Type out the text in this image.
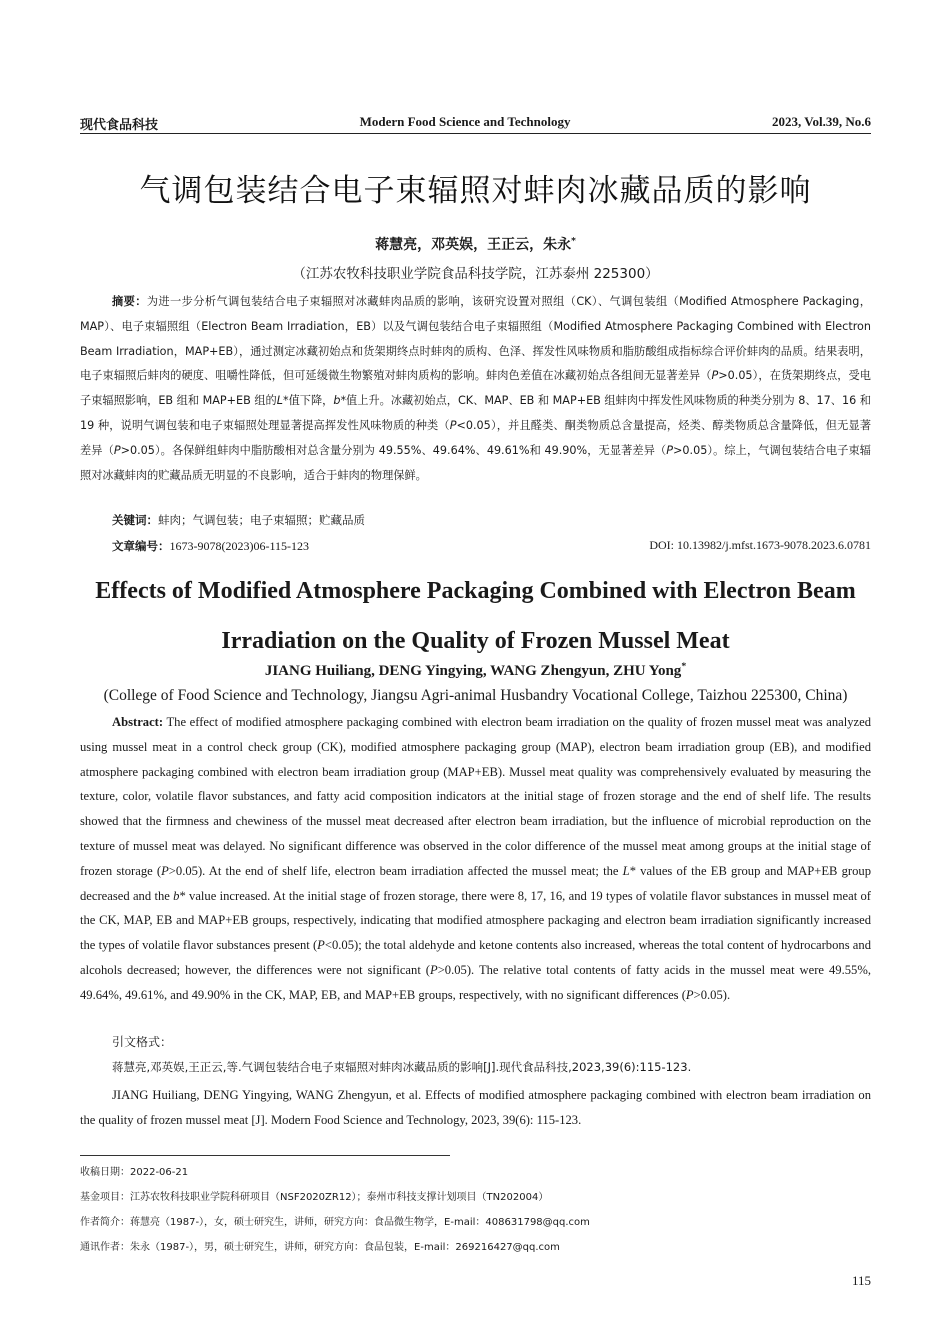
现代食品科技	Modern Food Science and Technology	2023, Vol.39, No.6
气调包装结合电子束辐照对蚌肉冰藏品质的影响
蒋慧亮，邓英娱，王正云，朱永*
（江苏农牧科技职业学院食品科技学院，江苏泰州 225300）
摘要：为进一步分析气调包装结合电子束辐照对冰藏蚌肉品质的影响，该研究设置对照组（CK）、气调包装组（Modified Atmosphere Packaging，MAP）、电子束辐照组（Electron Beam Irradiation，EB）以及气调包装结合电子束辐照组（Modified Atmosphere Packaging Combined with Electron Beam Irradiation，MAP+EB），通过测定冰藏初始点和货架期终点时蚌肉的质构、色泽、挥发性风味物质和脂肪酸组成指标综合评价蚌肉的品质。结果表明，电子束辐照后蚌肉的硬度、咀嚼性降低，但可延缓微生物繁殖对蚌肉质构的影响。蚌肉色差值在冰藏初始点各组间无显著差异（P>0.05），在货架期终点，受电子束辐照影响，EB 组和 MAP+EB 组的L*值下降，b*值上升。冰藏初始点，CK、MAP、EB 和 MAP+EB 组蚌肉中挥发性风味物质的种类分别为 8、17、16 和 19 种，说明气调包装和电子束辐照处理显著提高挥发性风味物质的种类（P<0.05），并且醛类、酮类物质总含量提高，烃类、醇类物质总含量降低，但无显著差异（P>0.05）。各保鲜组蚌肉中脂肪酸相对总含量分别为 49.55%、49.64%、49.61%和 49.90%，无显著差异（P>0.05）。综上，气调包装结合电子束辐照对冰藏蚌肉的贮藏品质无明显的不良影响，适合于蚌肉的物理保鲜。
关键词：蚌肉；气调包装；电子束辐照；贮藏品质
文章编号：1673-9078(2023)06-115-123	DOI: 10.13982/j.mfst.1673-9078.2023.6.0781
Effects of Modified Atmosphere Packaging Combined with Electron Beam Irradiation on the Quality of Frozen Mussel Meat
JIANG Huiliang, DENG Yingying, WANG Zhengyun, ZHU Yong*
(College of Food Science and Technology, Jiangsu Agri-animal Husbandry Vocational College, Taizhou 225300, China)
Abstract: The effect of modified atmosphere packaging combined with electron beam irradiation on the quality of frozen mussel meat was analyzed using mussel meat in a control check group (CK), modified atmosphere packaging group (MAP), electron beam irradiation group (EB), and modified atmosphere packaging combined with electron beam irradiation group (MAP+EB). Mussel meat quality was comprehensively evaluated by measuring the texture, color, volatile flavor substances, and fatty acid composition indicators at the initial stage of frozen storage and the end of shelf life. The results showed that the firmness and chewiness of the mussel meat decreased after electron beam irradiation, but the influence of microbial reproduction on the texture of mussel meat was delayed. No significant difference was observed in the color difference of the mussel meat among groups at the initial stage of frozen storage (P>0.05). At the end of shelf life, electron beam irradiation affected the mussel meat; the L* values of the EB group and MAP+EB group decreased and the b* value increased. At the initial stage of frozen storage, there were 8, 17, 16, and 19 types of volatile flavor substances in mussel meat of the CK, MAP, EB and MAP+EB groups, respectively, indicating that modified atmosphere packaging and electron beam irradiation significantly increased the types of volatile flavor substances present (P<0.05); the total aldehyde and ketone contents also increased, whereas the total content of hydrocarbons and alcohols decreased; however, the differences were not significant (P>0.05). The relative total contents of fatty acids in the mussel meat were 49.55%, 49.64%, 49.61%, and 49.90% in the CK, MAP, EB, and MAP+EB groups, respectively, with no significant differences (P>0.05).
引文格式：
蒋慧亮,邓英娱,王正云,等.气调包装结合电子束辐照对蚌肉冰藏品质的影响[J].现代食品科技,2023,39(6):115-123.
JIANG Huiliang, DENG Yingying, WANG Zhengyun, et al. Effects of modified atmosphere packaging combined with electron beam irradiation on the quality of frozen mussel meat [J]. Modern Food Science and Technology, 2023, 39(6): 115-123.
收稿日期：2022-06-21
基金项目：江苏农牧科技职业学院科研项目（NSF2020ZR12）；泰州市科技支撑计划项目（TN202004）
作者简介：蒋慧亮（1987-），女，硕士研究生，讲师，研究方向：食品微生物学，E-mail：408631798@qq.com
通讯作者：朱永（1987-），男，硕士研究生，讲师，研究方向：食品包装，E-mail：269216427@qq.com
115
